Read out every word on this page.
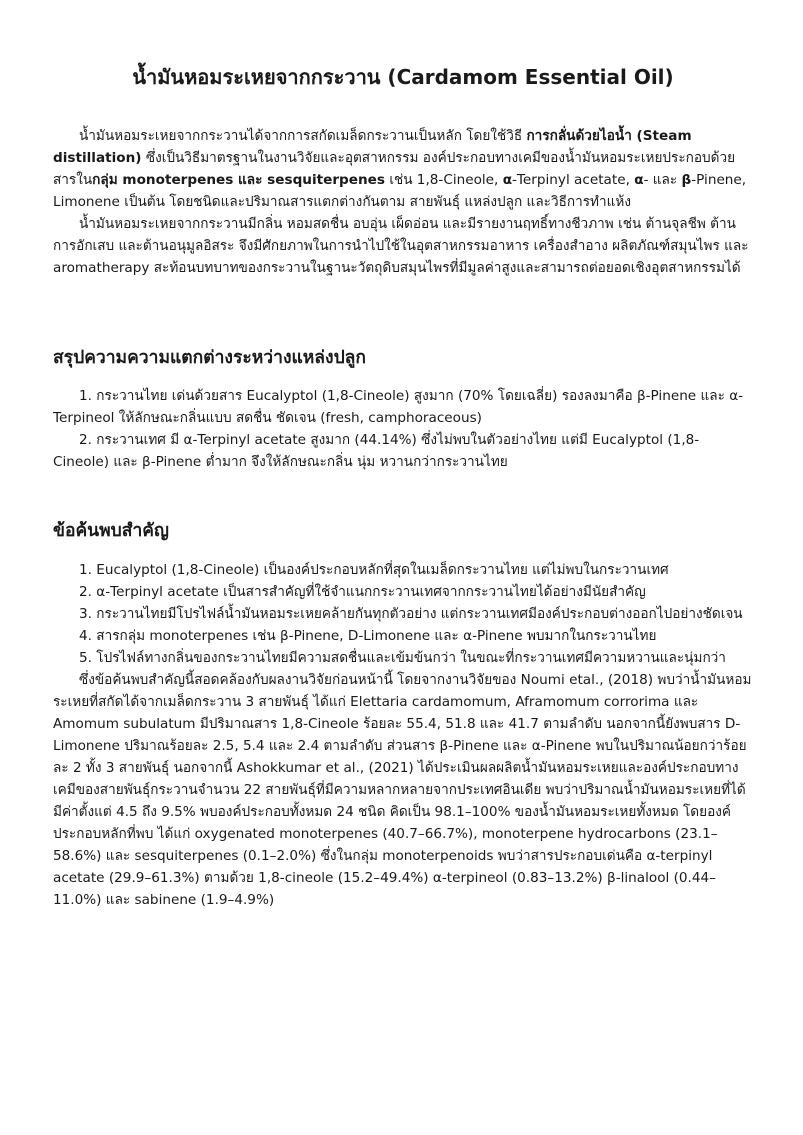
น้ำมันหอมระเหยจากกระวาน (Cardamom Essential Oil)

น้ำมันหอมระเหยจากกระวานได้จากการสกัดเมล็ดกระวานเป็นหลัก โดยใช้วิธี การกลั่นด้วยไอน้ำ (Steam distillation) ซึ่งเป็นวิธีมาตรฐานในงานวิจัยและอุตสาหกรรม องค์ประกอบทางเคมีของน้ำมันหอมระเหยประกอบด้วยสารในกลุ่ม monoterpenes และ sesquiterpenes เช่น 1,8-Cineole, α-Terpinyl acetate, α- และ β-Pinene, Limonene เป็นต้น โดยชนิดและปริมาณสารแตกต่างกันตาม สายพันธุ์ แหล่งปลูก และวิธีการทำแห้ง

น้ำมันหอมระเหยจากกระวานมีกลิ่น หอมสดชื่น อบอุ่น เผ็ดอ่อน และมีรายงานฤทธิ์ทางชีวภาพ เช่น ต้านจุลชีพ ต้านการอักเสบ และต้านอนุมูลอิสระ จึงมีศักยภาพในการนำไปใช้ในอุตสาหกรรมอาหาร เครื่องสำอาง ผลิตภัณฑ์สมุนไพร และ aromatherapy สะท้อนบทบาทของกระวานในฐานะวัตถุดิบสมุนไพรที่มีมูลค่าสูงและสามารถต่อยอดเชิงอุตสาหกรรมได้

สรุปความความแตกต่างระหว่างแหล่งปลูก
1. กระวานไทย เด่นด้วยสาร Eucalyptol (1,8-Cineole) สูงมาก (70% โดยเฉลี่ย) รองลงมาคือ β-Pinene และ α-Terpineol ให้ลักษณะกลิ่นแบบ สดชื่น ชัดเจน (fresh, camphoraceous)
2. กระวานเทศ มี α-Terpinyl acetate สูงมาก (44.14%) ซึ่งไม่พบในตัวอย่างไทย แต่มี Eucalyptol (1,8-Cineole) และ β-Pinene ต่ำมาก จึงให้ลักษณะกลิ่น นุ่ม หวานกว่ากระวานไทย
ข้อค้นพบสำคัญ
1. Eucalyptol (1,8-Cineole) เป็นองค์ประกอบหลักที่สุดในเมล็ดกระวานไทย แต่ไม่พบในกระวานเทศ
2. α-Terpinyl acetate เป็นสารสำคัญที่ใช้จำแนกกระวานเทศจากกระวานไทยได้อย่างมีนัยสำคัญ
3. กระวานไทยมีโปรไฟล์น้ำมันหอมระเหยคล้ายกันทุกตัวอย่าง แต่กระวานเทศมีองค์ประกอบต่างออกไปอย่างชัดเจน
4. สารกลุ่ม monoterpenes เช่น β-Pinene, D-Limonene และ α-Pinene พบมากในกระวานไทย
5. โปรไฟล์ทางกลิ่นของกระวานไทยมีความสดชื่นและเข้มข้นกว่า ในขณะที่กระวานเทศมีความหวานและนุ่มกว่า

ซึ่งข้อค้นพบสำคัญนี้สอดคล้องกับผลงานวิจัยก่อนหน้านี้ โดยจากงานวิจัยของ Noumi etal., (2018) พบว่าน้ำมันหอมระเหยที่สกัดได้จากเมล็ดกระวาน 3 สายพันธุ์ ได้แก่ Elettaria cardamomum, Aframomum corrorima และ Amomum subulatum มีปริมาณสาร 1,8-Cineole ร้อยละ 55.4, 51.8 และ 41.7 ตามลำดับ นอกจากนี้ยังพบสาร D-Limonene ปริมาณร้อยละ 2.5, 5.4 และ 2.4 ตามลำดับ ส่วนสาร β-Pinene และ α-Pinene พบในปริมาณน้อยกว่าร้อยละ 2 ทั้ง 3 สายพันธุ์ นอกจากนี้ Ashokkumar et al., (2021) ได้ประเมินผลผลิตน้ำมันหอมระเหยและองค์ประกอบทางเคมีของสายพันธุ์กระวานจำนวน 22 สายพันธุ์ที่มีความหลากหลายจากประเทศอินเดีย พบว่าปริมาณน้ำมันหอมระเหยที่ได้มีค่าตั้งแต่ 4.5 ถึง 9.5% พบองค์ประกอบทั้งหมด 24 ชนิด คิดเป็น 98.1–100% ของน้ำมันหอมระเหยทั้งหมด โดยองค์ประกอบหลักที่พบ ได้แก่ oxygenated monoterpenes (40.7–66.7%), monoterpene hydrocarbons (23.1–58.6%) และ sesquiterpenes (0.1–2.0%) ซึ่งในกลุ่ม monoterpenoids พบว่าสารประกอบเด่นคือ α-terpinyl acetate (29.9–61.3%) ตามด้วย 1,8-cineole (15.2–49.4%) α-terpineol (0.83–13.2%) β-linalool (0.44–11.0%) และ sabinene (1.9–4.9%)
